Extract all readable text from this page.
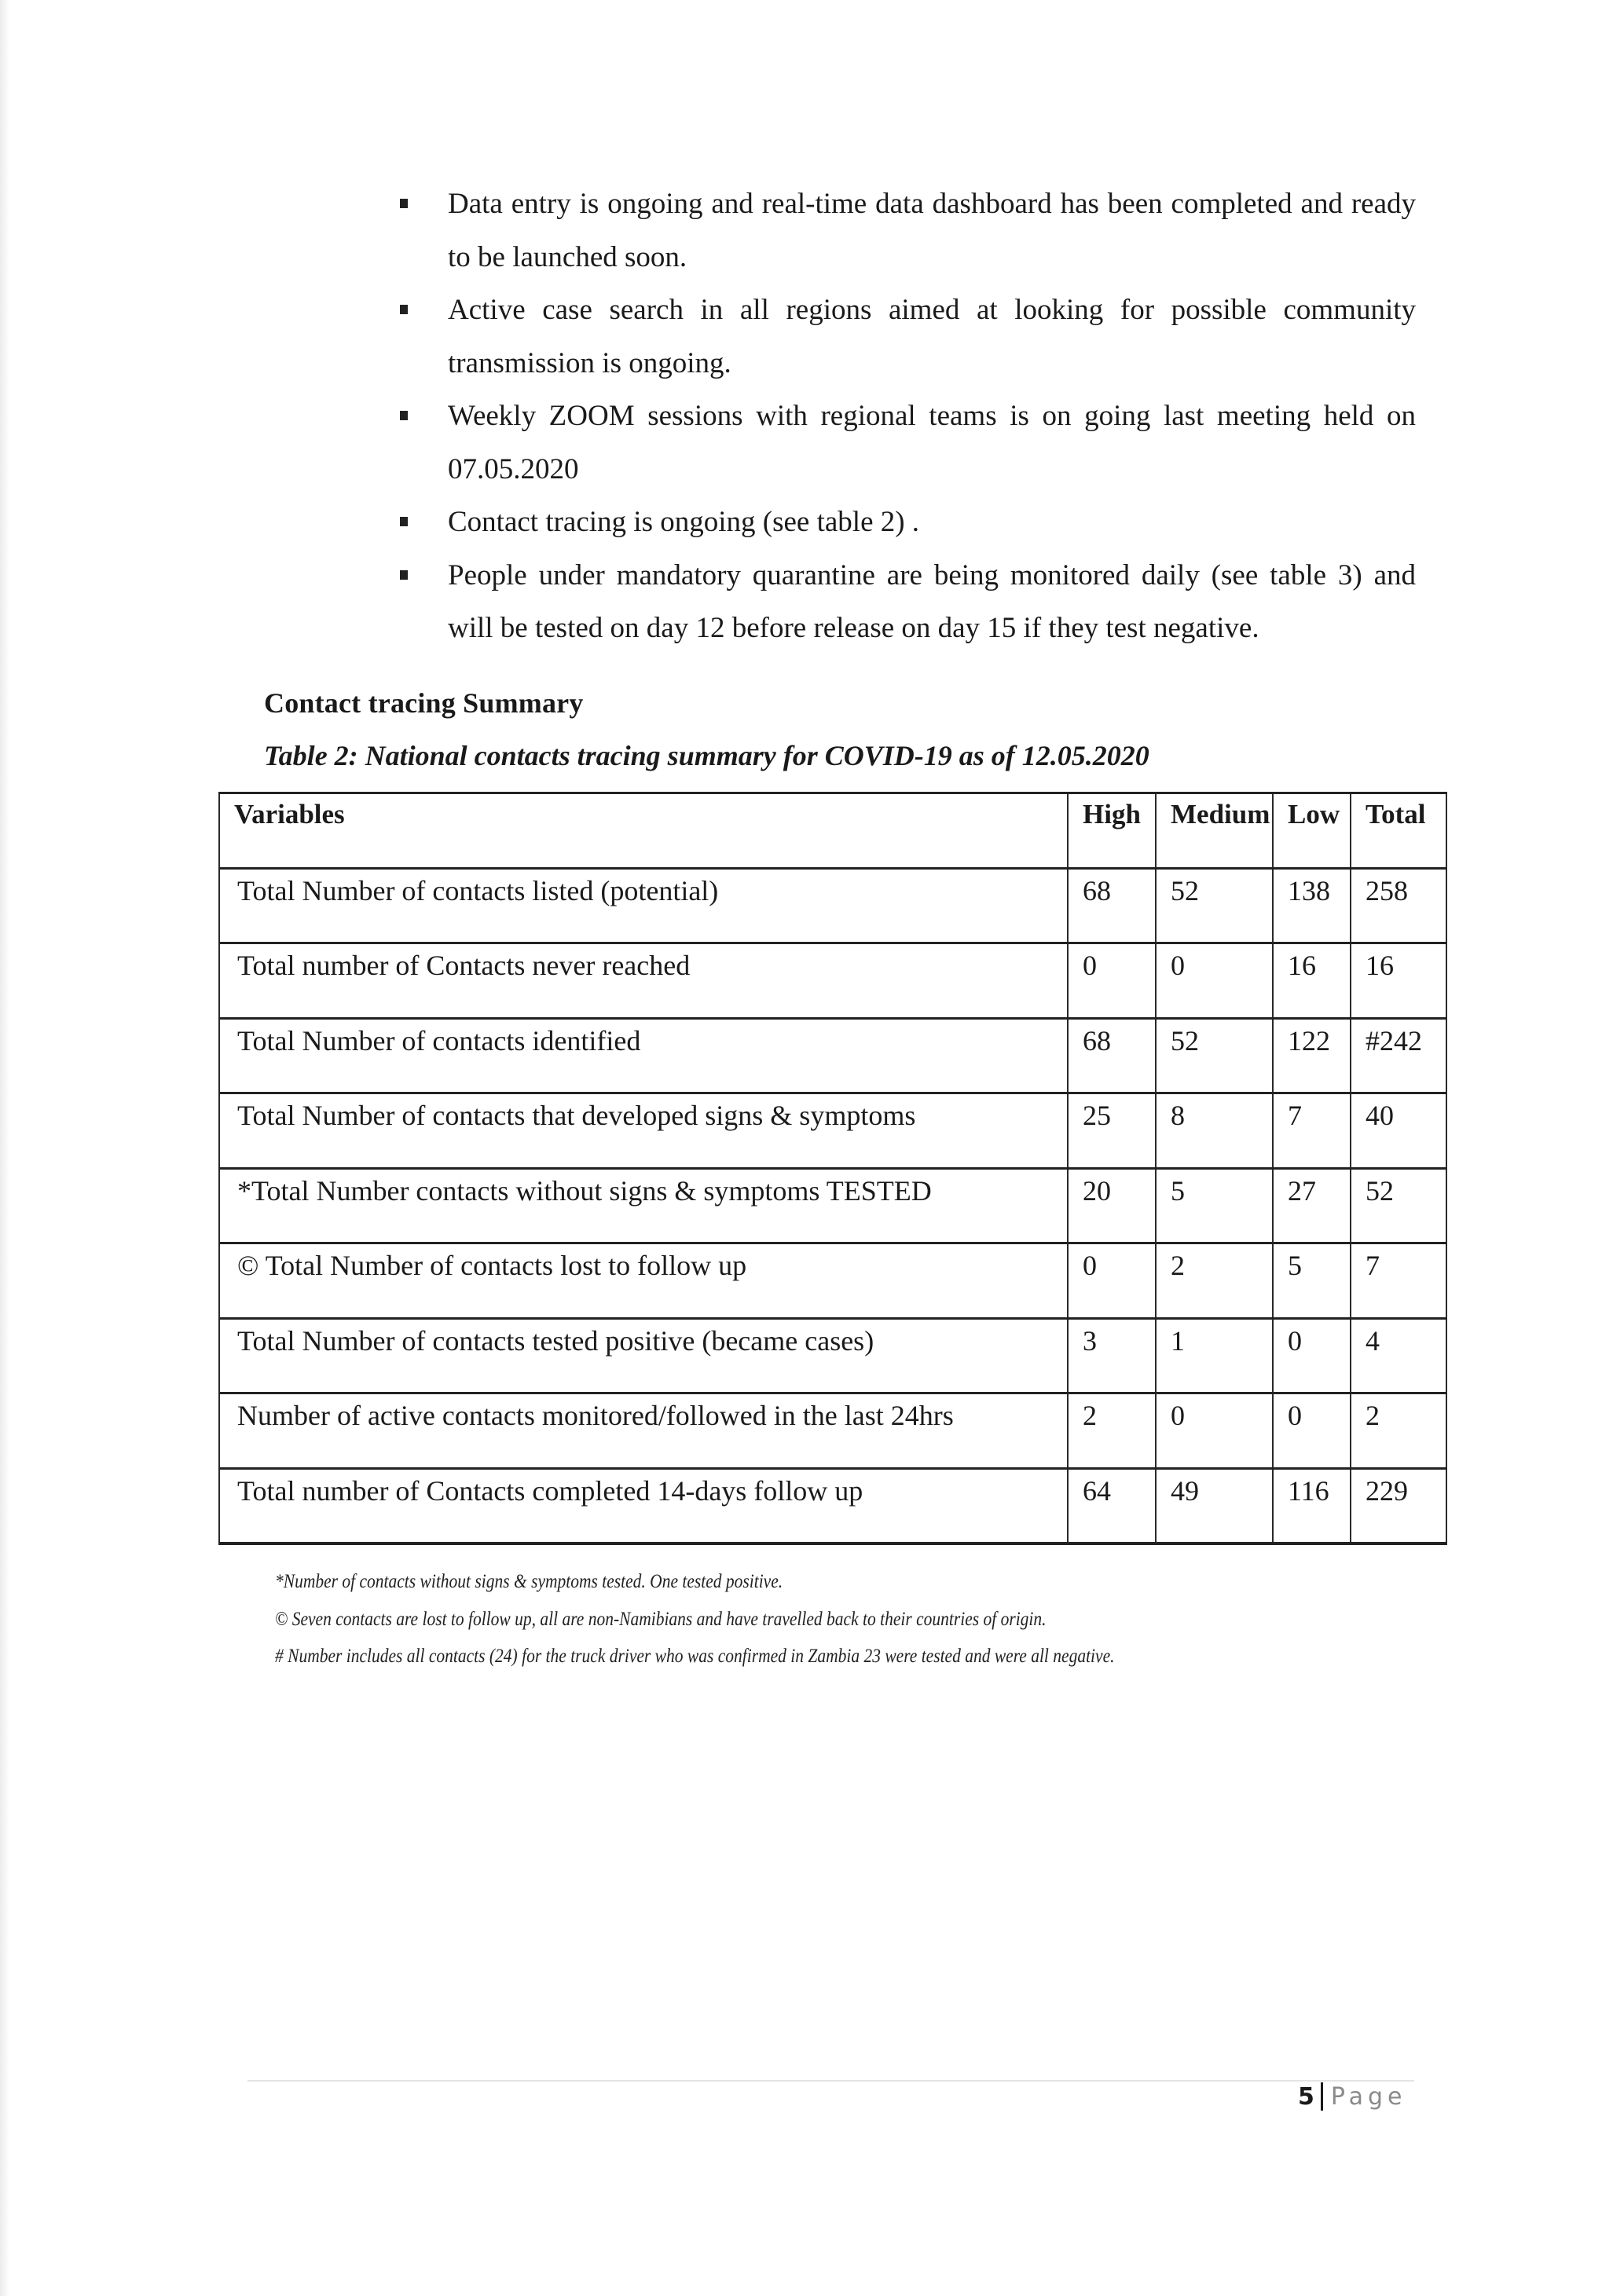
Data entry is ongoing and real-time data dashboard has been completed and ready to be launched soon.
Active case search in all regions aimed at looking for possible community transmission is ongoing.
Weekly ZOOM sessions with regional teams is on going last meeting held on 07.05.2020
Contact tracing is ongoing (see table 2) .
People under mandatory quarantine are being monitored daily (see table 3) and will be tested on day 12 before release on day 15 if they test negative.
Contact tracing Summary

Table 2: National contacts tracing summary for COVID-19 as of 12.05.2020

Variables	High	Medium	Low	Total
Total Number of contacts listed (potential)	68	52	138	258
Total number of Contacts never reached	0	0	16	16
Total Number of contacts identified	68	52	122	#242
Total Number of contacts that developed signs & symptoms	25	8	7	40
*Total Number contacts without signs & symptoms TESTED	20	5	27	52
© Total Number of contacts lost to follow up	0	2	5	7
Total Number of contacts tested positive (became cases)	3	1	0	4
Number of active contacts monitored/followed in the last 24hrs	2	0	0	2
Total number of Contacts completed 14-days follow up	64	49	116	229
*Number of contacts without signs & symptoms tested. One tested positive.
© Seven contacts are lost to follow up, all are non-Namibians and have travelled back to their countries of origin.
# Number includes all contacts (24) for the truck driver who was confirmed in Zambia 23 were tested and were all negative.
5 Page
